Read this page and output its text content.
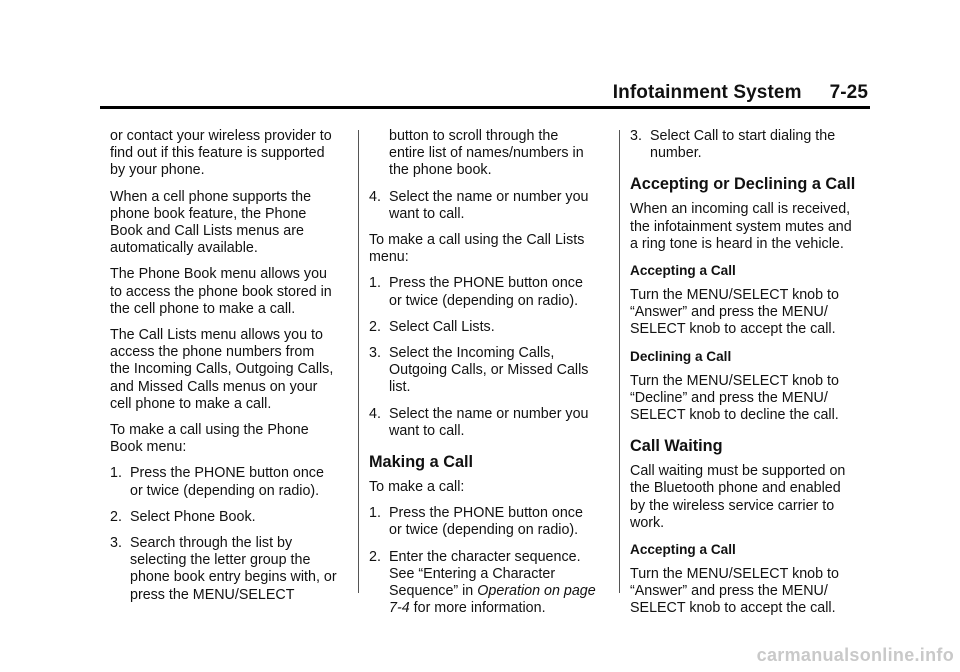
Infotainment System 7-25

or contact your wireless provider to find out if this feature is supported by your phone.

When a cell phone supports the phone book feature, the Phone Book and Call Lists menus are automatically available.

The Phone Book menu allows you to access the phone book stored in the cell phone to make a call.

The Call Lists menu allows you to access the phone numbers from the Incoming Calls, Outgoing Calls, and Missed Calls menus on your cell phone to make a call.

To make a call using the Phone Book menu:

1. Press the PHONE button once or twice (depending on radio).
2. Select Phone Book.
3. Search through the list by selecting the letter group the phone book entry begins with, or press the MENU/SELECT
button to scroll through the entire list of names/numbers in the phone book.
4. Select the name or number you want to call.

To make a call using the Call Lists menu:

1. Press the PHONE button once or twice (depending on radio).
2. Select Call Lists.
3. Select the Incoming Calls, Outgoing Calls, or Missed Calls list.
4. Select the name or number you want to call.
Making a Call

To make a call:

1. Press the PHONE button once or twice (depending on radio).
2. Enter the character sequence. See “Entering a Character Sequence” in Operation on page 7-4 for more information.
3. Select Call to start dialing the number.
Accepting or Declining a Call

When an incoming call is received, the infotainment system mutes and a ring tone is heard in the vehicle.

Accepting a Call

Turn the MENU/SELECT knob to “Answer” and press the MENU/ SELECT knob to accept the call.

Declining a Call

Turn the MENU/SELECT knob to “Decline” and press the MENU/ SELECT knob to decline the call.

Call Waiting

Call waiting must be supported on the Bluetooth phone and enabled by the wireless service carrier to work.

Accepting a Call

Turn the MENU/SELECT knob to “Answer” and press the MENU/ SELECT knob to accept the call.

carmanualsonline.info
